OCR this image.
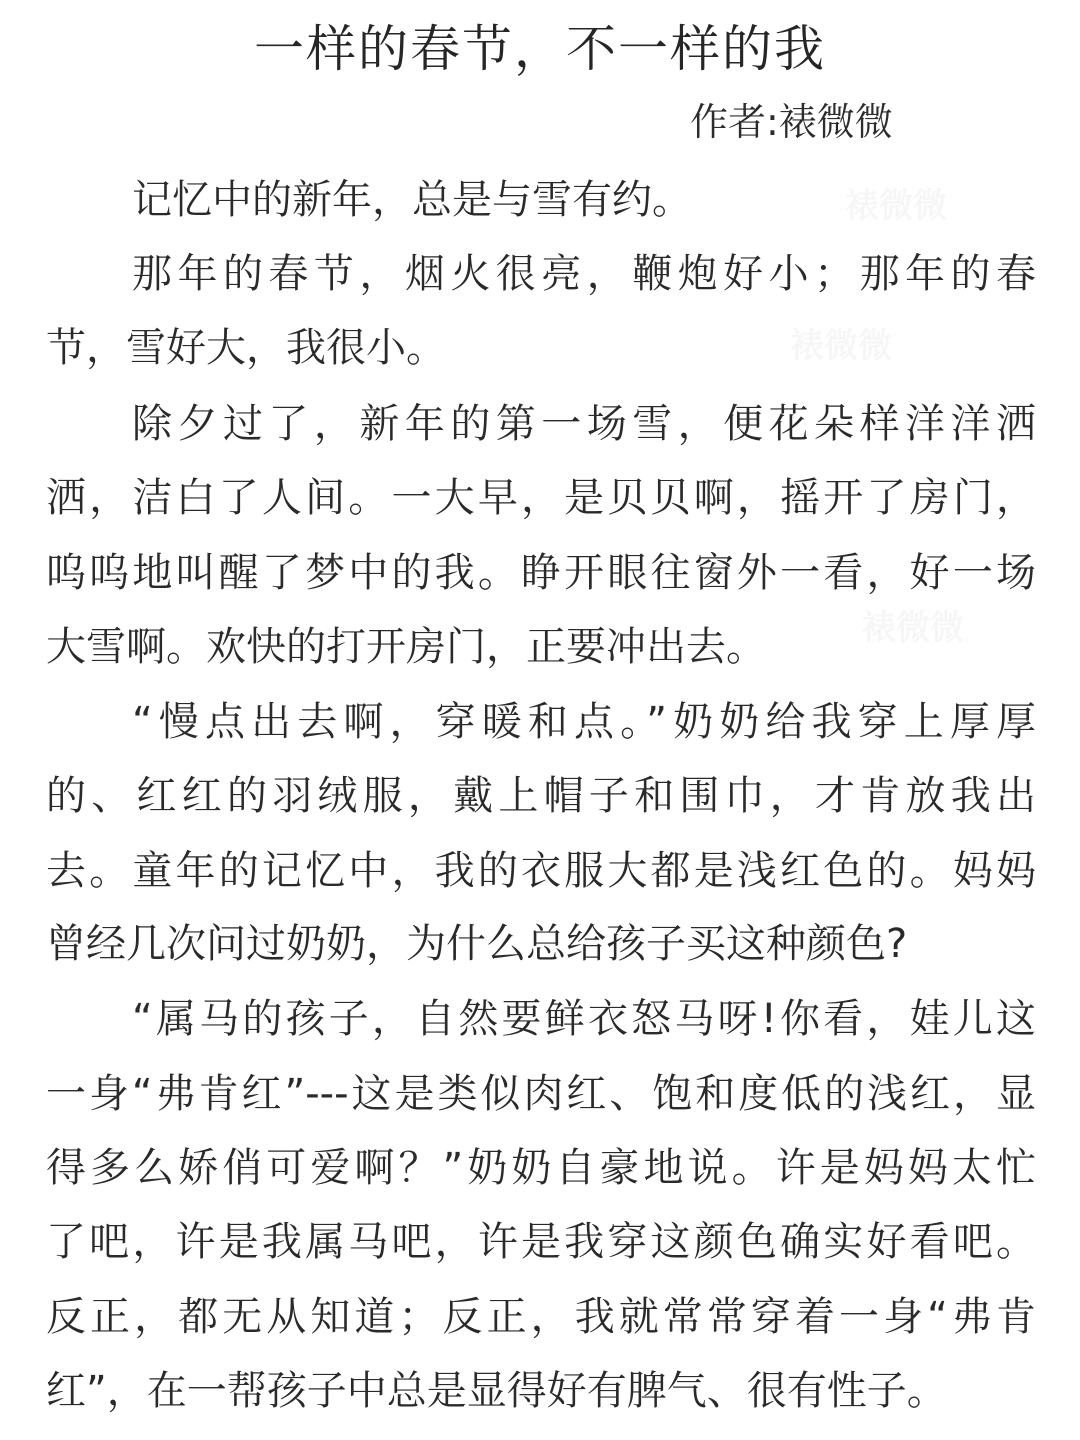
一样的春节，不一样的我
作者:裱微微
记忆中的新年，总是与雪有约。
那年的春节，烟火很亮，鞭炮好小；那年的春
节，雪好大，我很小。
除夕过了，新年的第一场雪，便花朵样洋洋洒
洒，洁白了人间。一大早，是贝贝啊，摇开了房门，
呜呜地叫醒了梦中的我。睁开眼往窗外一看，好一场
大雪啊。欢快的打开房门，正要冲出去。
“慢点出去啊，穿暖和点。”奶奶给我穿上厚厚
的、红红的羽绒服，戴上帽子和围巾，才肯放我出
去。童年的记忆中，我的衣服大都是浅红色的。妈妈
曾经几次问过奶奶，为什么总给孩子买这种颜色?
“属马的孩子，自然要鲜衣怒马呀!你看，娃儿这
一身“弗肯红”---这是类似肉红、饱和度低的浅红，显
得多么娇俏可爱啊？”奶奶自豪地说。许是妈妈太忙
了吧，许是我属马吧，许是我穿这颜色确实好看吧。
反正，都无从知道；反正，我就常常穿着一身“弗肯
红”，在一帮孩子中总是显得好有脾气、很有性子。
